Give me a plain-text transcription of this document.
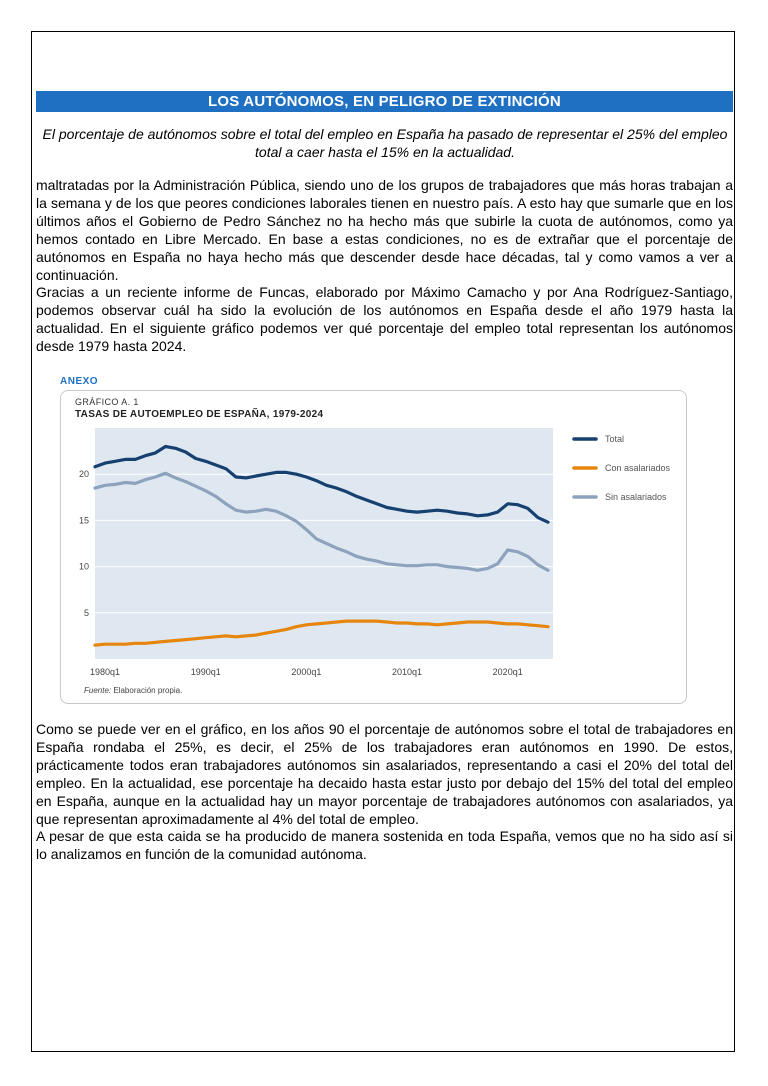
LOS AUTÓNOMOS, EN PELIGRO DE EXTINCIÓN
El porcentaje de autónomos sobre el total del empleo en España ha pasado de representar el 25% del empleo total a caer hasta el 15% en la actualidad.

maltratadas por la Administración Pública, siendo uno de los grupos de trabajadores que más horas trabajan a la semana y de los que peores condiciones laborales tienen en nuestro país. A esto hay que sumarle que en los últimos años el Gobierno de Pedro Sánchez no ha hecho más que subirle la cuota de autónomos, como ya hemos contado en Libre Mercado. En base a estas condiciones, no es de extrañar que el porcentaje de autónomos en España no haya hecho más que descender desde hace décadas, tal y como vamos a ver a continuación.

Gracias a un reciente informe de Funcas, elaborado por Máximo Camacho y por Ana Rodríguez-Santiago, podemos observar cuál ha sido la evolución de los autónomos en España desde el año 1979 hasta la actualidad. En el siguiente gráfico podemos ver qué porcentaje del empleo total representan los autónomos desde 1979 hasta 2024.

ANEXO
GRÁFICO A. 1
TASAS DE AUTOEMPLEO DE ESPAÑA, 1979-2024
5
10
15
20
1980q1	1990q1	2000q1	2010q1	2020q1
Total
Con asalariados
Sin asalariados
Fuente: Elaboración propia.

Como se puede ver en el gráfico, en los años 90 el porcentaje de autónomos sobre el total de trabajadores en España rondaba el 25%, es decir, el 25% de los trabajadores eran autónomos en 1990. De estos, prácticamente todos eran trabajadores autónomos sin asalariados, representando a casi el 20% del total del empleo. En la actualidad, ese porcentaje ha decaido hasta estar justo por debajo del 15% del total del empleo en España, aunque en la actualidad hay un mayor porcentaje de trabajadores autónomos con asalariados, ya que representan aproximadamente al 4% del total de empleo.

A pesar de que esta caida se ha producido de manera sostenida en toda España, vemos que no ha sido así si lo analizamos en función de la comunidad autónoma.
